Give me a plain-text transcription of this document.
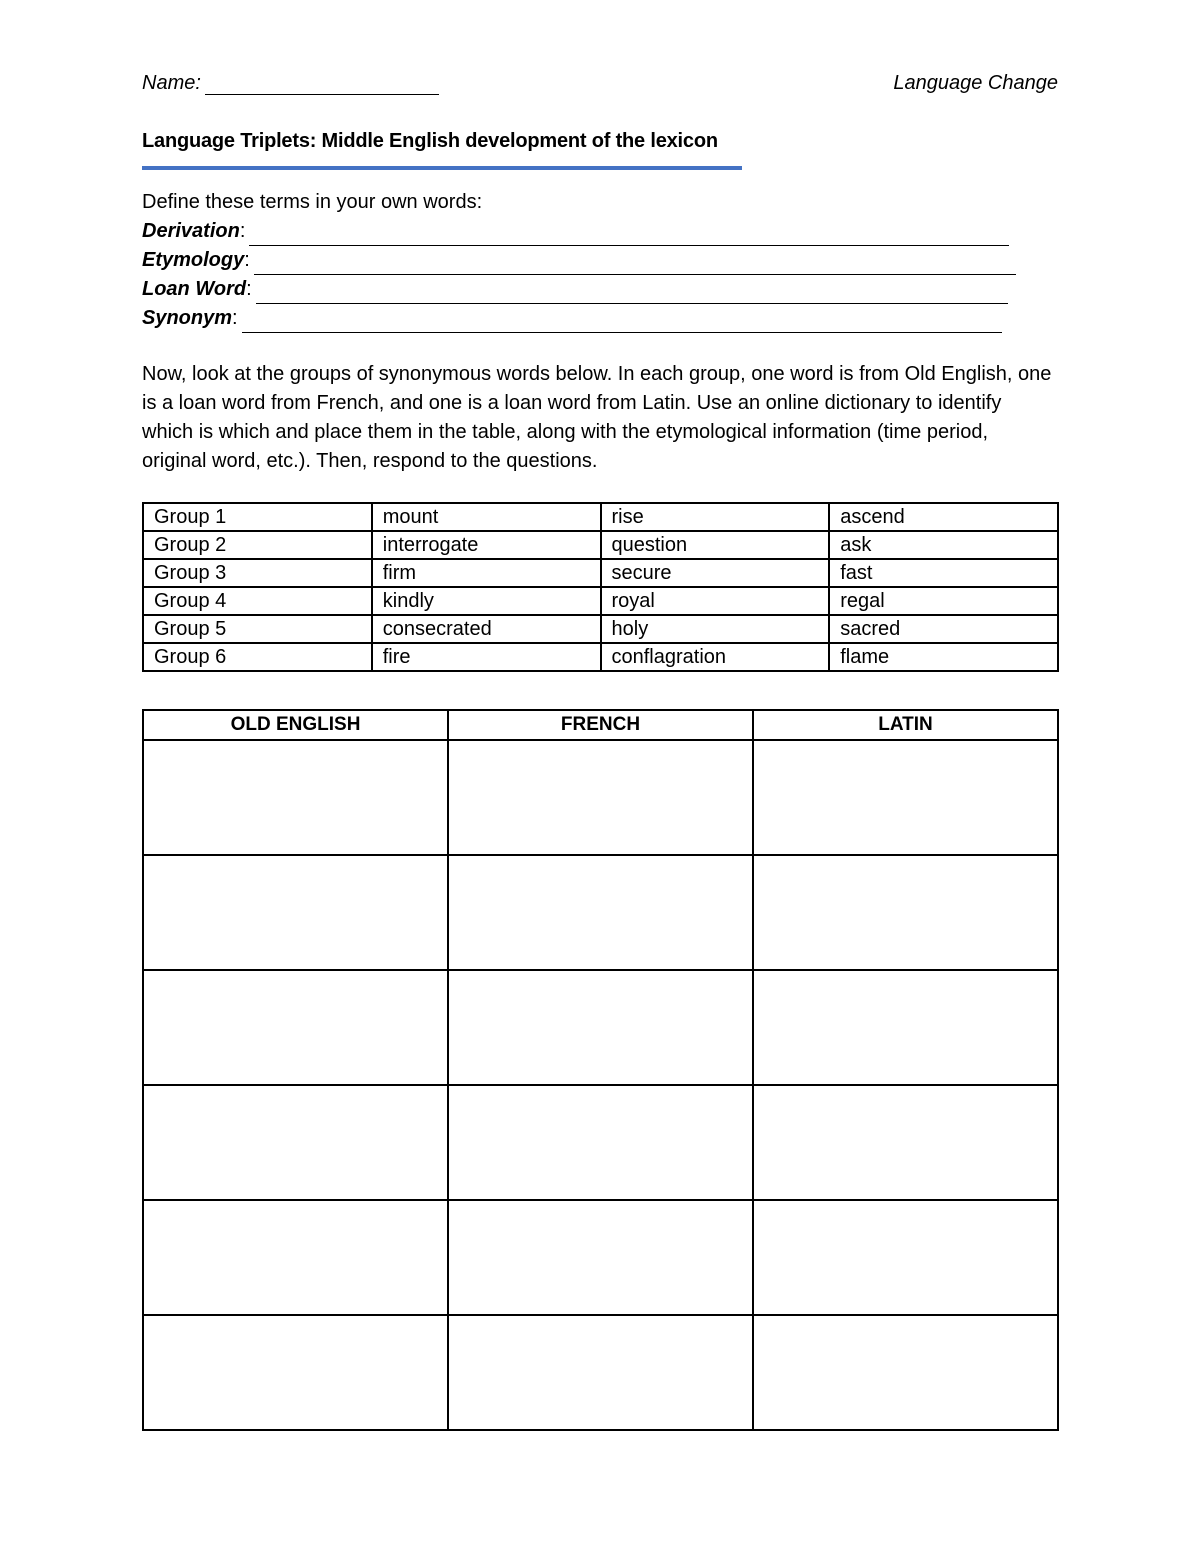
Name:	Language Change
Language Triplets: Middle English development of the lexicon
Define these terms in your own words:
Derivation :
Etymology :
Loan Word :
Synonym :
Now, look at the groups of synonymous words below. In each group, one word is from Old English, one is a loan word from French, and one is a loan word from Latin. Use an online dictionary to identify which is which and place them in the table, along with the etymological information (time period, original word, etc.). Then, respond to the questions.
Group 1	mount	rise	ascend
Group 2	interrogate	question	ask
Group 3	firm	secure	fast
Group 4	kindly	royal	regal
Group 5	consecrated	holy	sacred
Group 6	fire	conflagration	flame
OLD ENGLISH	FRENCH	LATIN
